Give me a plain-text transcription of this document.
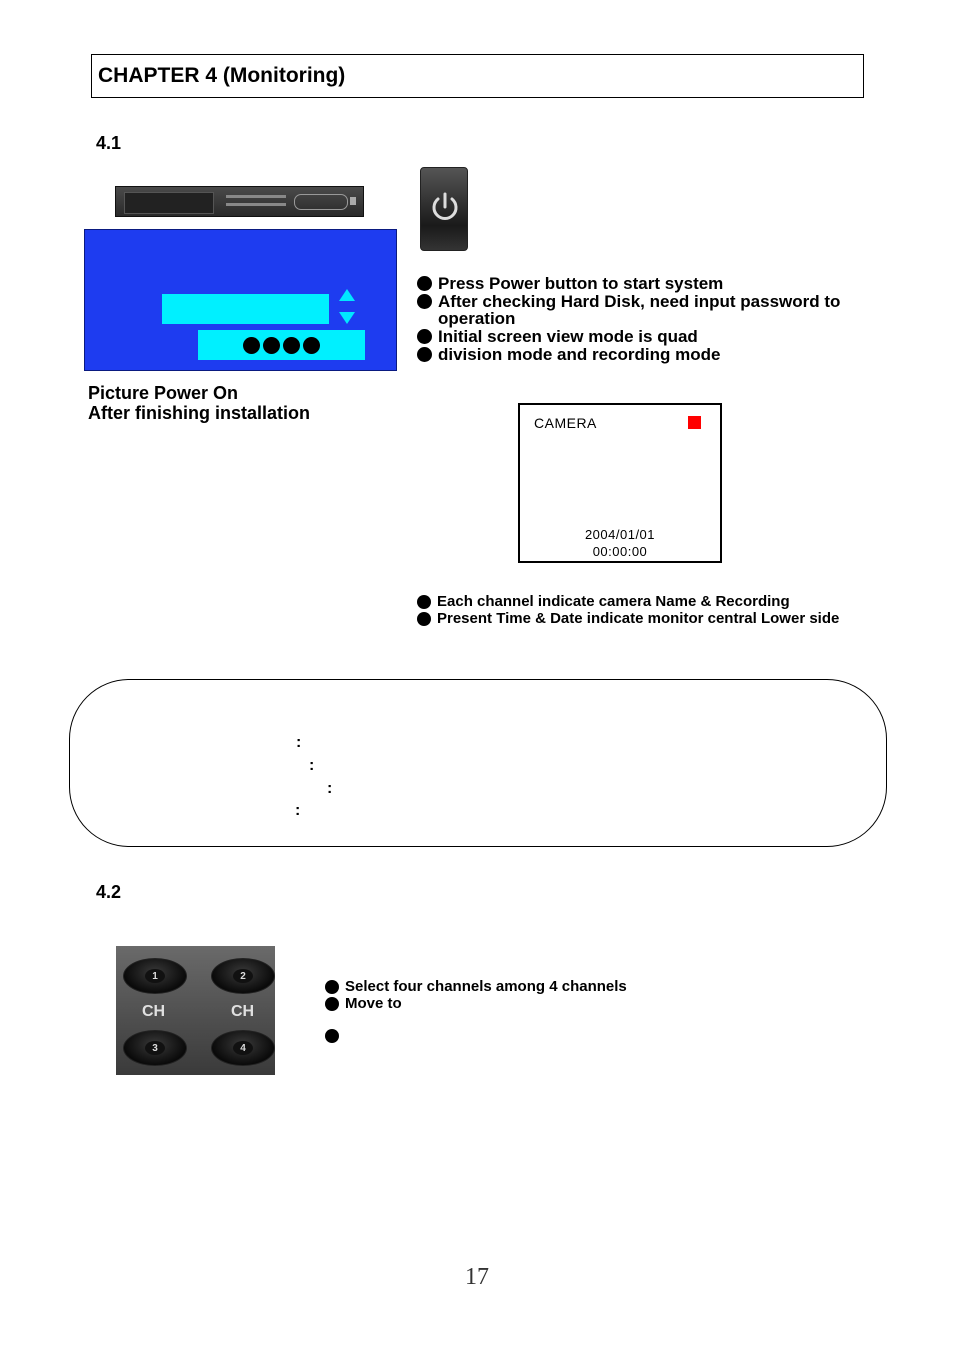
CHAPTER 4 (Monitoring)
4.1
Press Power button to start system
After checking Hard Disk, need input password to
operation
Initial screen view mode is quad
division mode and recording mode
Picture Power On
After finishing installation	CAMERA
2004/01/01
00:00:00
Each channel indicate camera Name & Recording
Present Time & Date indicate monitor central Lower side
:
:
:
:
4.2
1	2
CH	CH
3	4
Select four channels among 4 channels
Move to
17
